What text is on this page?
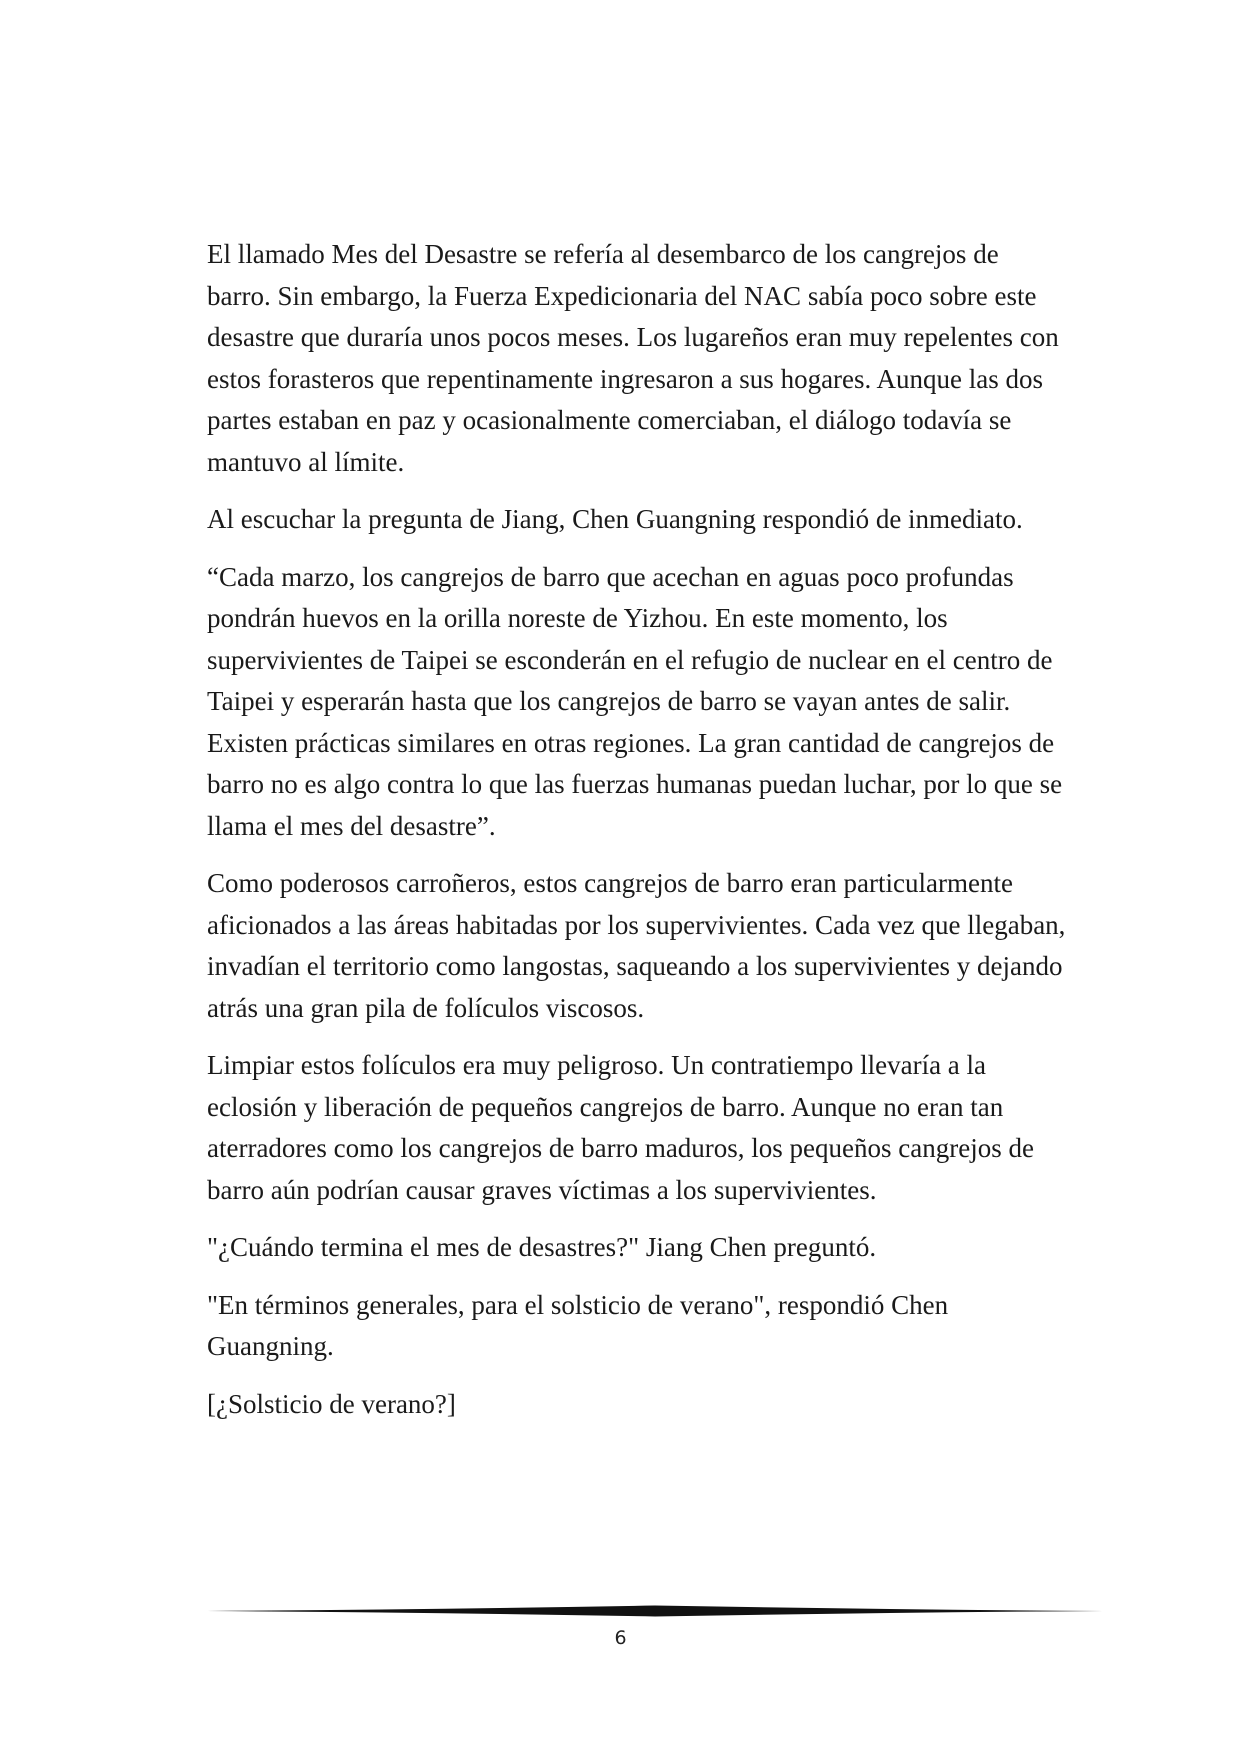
El llamado Mes del Desastre se refería al desembarco de los cangrejos de barro. Sin embargo, la Fuerza Expedicionaria del NAC sabía poco sobre este desastre que duraría unos pocos meses. Los lugareños eran muy repelentes con estos forasteros que repentinamente ingresaron a sus hogares. Aunque las dos partes estaban en paz y ocasionalmente comerciaban, el diálogo todavía se mantuvo al límite.

Al escuchar la pregunta de Jiang, Chen Guangning respondió de inmediato.

“Cada marzo, los cangrejos de barro que acechan en aguas poco profundas pondrán huevos en la orilla noreste de Yizhou. En este momento, los supervivientes de Taipei se esconderán en el refugio de nuclear en el centro de Taipei y esperarán hasta que los cangrejos de barro se vayan antes de salir. Existen prácticas similares en otras regiones. La gran cantidad de cangrejos de barro no es algo contra lo que las fuerzas humanas puedan luchar, por lo que se llama el mes del desastre”.

Como poderosos carroñeros, estos cangrejos de barro eran particularmente aficionados a las áreas habitadas por los supervivientes. Cada vez que llegaban, invadían el territorio como langostas, saqueando a los supervivientes y dejando atrás una gran pila de folículos viscosos.

Limpiar estos folículos era muy peligroso. Un contratiempo llevaría a la eclosión y liberación de pequeños cangrejos de barro. Aunque no eran tan aterradores como los cangrejos de barro maduros, los pequeños cangrejos de barro aún podrían causar graves víctimas a los supervivientes.

"¿Cuándo termina el mes de desastres?" Jiang Chen preguntó.

"En términos generales, para el solsticio de verano", respondió Chen Guangning.

[¿Solsticio de verano?]

6
